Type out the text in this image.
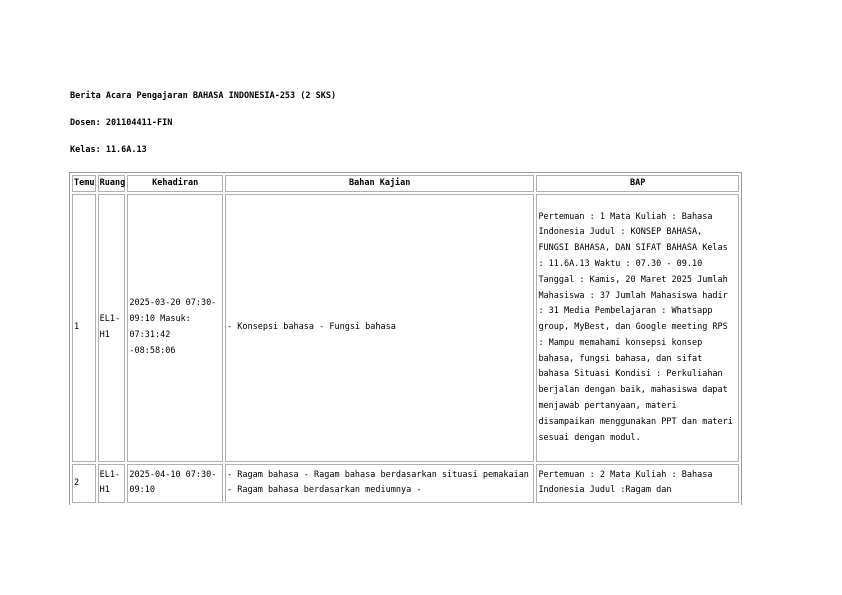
Berita Acara Pengajaran BAHASA INDONESIA-253 (2 SKS)
Dosen: 201104411-FIN
Kelas: 11.6A.13
Temu	Ruang	Kehadiran	Bahan Kajian	BAP
1	EL1-H1	2025-03-20 07:30-09:10 Masuk: 07:31:42 -08:58:06	- Konsepsi bahasa - Fungsi bahasa	Pertemuan : 1 Mata Kuliah : Bahasa Indonesia Judul : KONSEP BAHASA, FUNGSI BAHASA, DAN SIFAT BAHASA Kelas : 11.6A.13 Waktu : 07.30 - 09.10 Tanggal : Kamis, 20 Maret 2025 Jumlah Mahasiswa : 37 Jumlah Mahasiswa hadir : 31 Media Pembelajaran : Whatsapp group, MyBest, dan Google meeting RPS : Mampu memahami konsepsi konsep bahasa, fungsi bahasa, dan sifat bahasa Situasi Kondisi : Perkuliahan berjalan dengan baik, mahasiswa dapat menjawab pertanyaan, materi disampaikan menggunakan PPT dan materi sesuai dengan modul.
2	EL1-H1	2025-04-10 07:30-09:10	- Ragam bahasa - Ragam bahasa berdasarkan situasi pemakaian - Ragam bahasa berdasarkan mediumnya -	Pertemuan : 2 Mata Kuliah : Bahasa Indonesia Judul :Ragam dan
